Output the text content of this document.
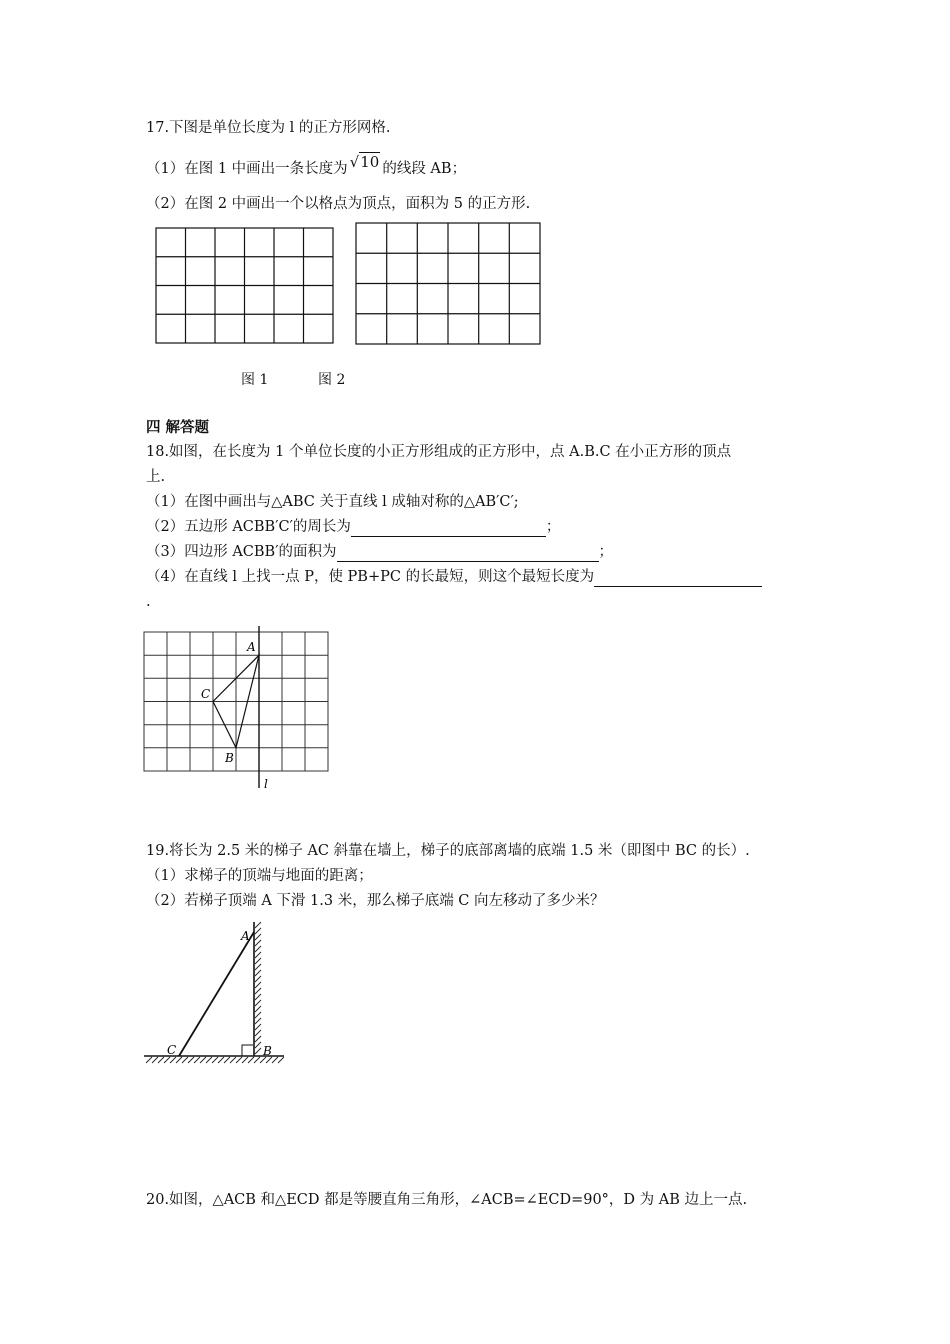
17.下图是单位长度为 l 的正方形网格.
（1）在图 1 中画出一条长度为 √10 的线段 AB；
（2）在图 2 中画出一个以格点为顶点，面积为 5 的正方形.
图 1	图 2
四 解答题
18.如图，在长度为 1 个单位长度的小正方形组成的正方形中，点 A.B.C 在小正方形的顶点
上.
（1）在图中画出与△ABC 关于直线 l 成轴对称的△AB′C′;
（2）五边形 ACBB′C′的周长为	；
（3）四边形 ACBB′的面积为	；
（4）在直线 l 上找一点 P，使 PB+PC 的长最短，则这个最短长度为
.
A
C
B
l
19.将长为 2.5 米的梯子 AC 斜靠在墙上，梯子的底部离墙的底端 1.5 米（即图中 BC 的长）.
（1）求梯子的顶端与地面的距离；
（2）若梯子顶端 A 下滑 1.3 米，那么梯子底端 C 向左移动了多少米？
A
C	B
20.如图，△ACB 和△ECD 都是等腰直角三角形，∠ACB=∠ECD=90°，D 为 AB 边上一点.
